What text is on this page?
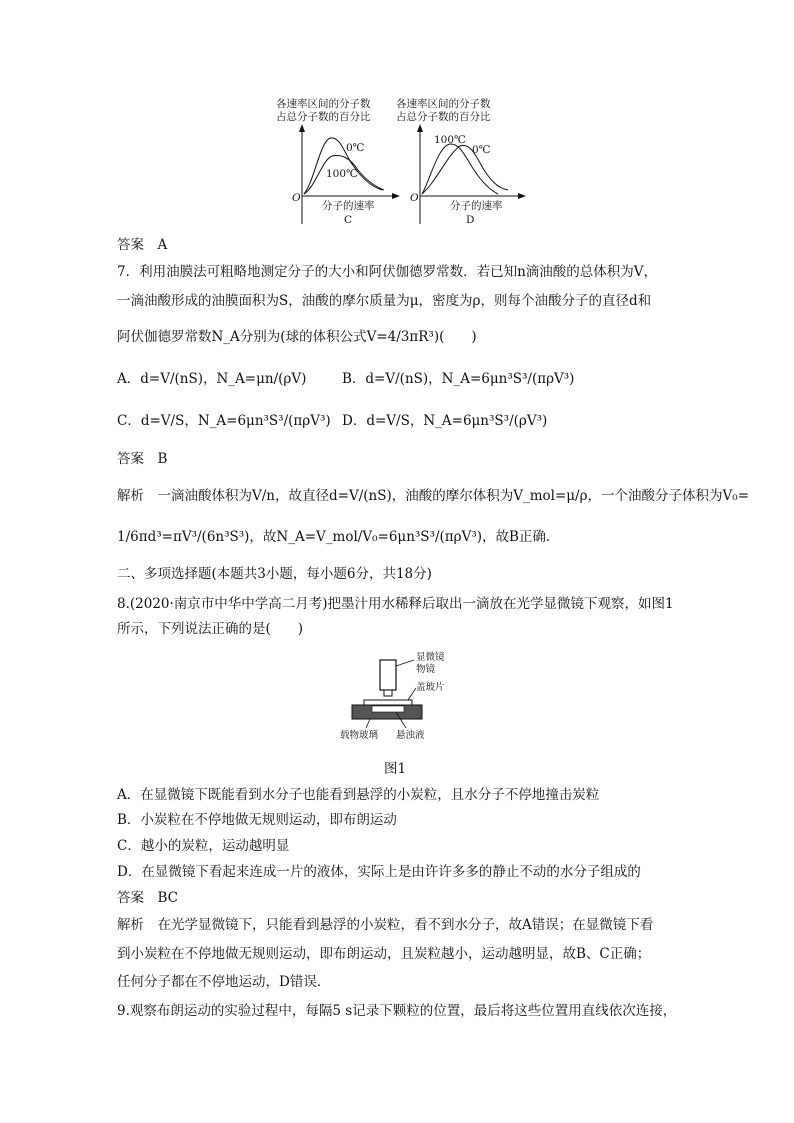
各速率区间的分子数
占总分子数的百分比
O
0℃
100℃
分子的速率
C
各速率区间的分子数
占总分子数的百分比
O
100℃
0℃
分子的速率
D
答案　 A
7．利用油膜法可粗略地测定分子的大小和阿伏伽德罗常数．若已知n滴油酸的总体积为V，
一滴油酸形成的油膜面积为S，油酸的摩尔质量为μ，密度为ρ，则每个油酸分子的直径d和
阿伏伽德罗常数N_A分别为(球的体积公式V=4/3πR³)(　　)
A．d=V/(nS)，N_A=μn/(ρV)	B．d=V/(nS)，N_A=6μn³S³/(πρV³)
C．d=V/S，N_A=6μn³S³/(πρV³) D．d=V/S，N_A=6μn³S³/(ρV³)
答案　 B
解析　 一滴油酸体积为V/n，故直径d=V/(nS)，油酸的摩尔体积为V_mol=μ/ρ，一个油酸分子体积为V₀=
1/6πd³=πV³/(6n³S³)，故N_A=V_mol/V₀=6μn³S³/(πρV³)，故B正确．
二、多项选择题(本题共3小题，每小题6分，共18分)
8.(2020·南京市中华中学高二月考)把墨汁用水稀释后取出一滴放在光学显微镜下观察，如图1
所示，下列说法正确的是(　　)
显微镜
物镜
盖玻片
载物玻璃 悬浊液
图1
A．在显微镜下既能看到水分子也能看到悬浮的小炭粒，且水分子不停地撞击炭粒
B．小炭粒在不停地做无规则运动，即布朗运动
C．越小的炭粒，运动越明显
D．在显微镜下看起来连成一片的液体，实际上是由许许多多的静止不动的水分子组成的
答案　 BC
解析　 在光学显微镜下，只能看到悬浮的小炭粒，看不到水分子，故A错误；在显微镜下看
到小炭粒在不停地做无规则运动，即布朗运动，且炭粒越小，运动越明显，故B、C正确；
任何分子都在不停地运动，D错误．
9.观察布朗运动的实验过程中，每隔5 s记录下颗粒的位置，最后将这些位置用直线依次连接，
